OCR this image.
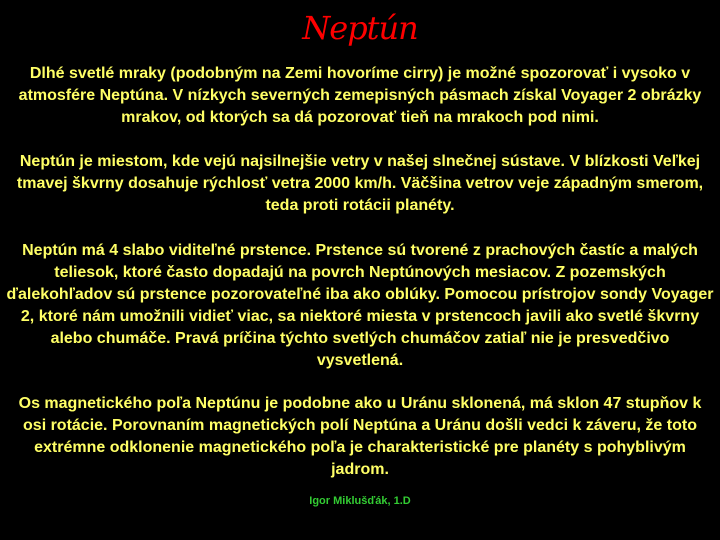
Neptún

Dlhé svetlé mraky (podobným na Zemi hovoríme cirry) je možné spozorovať i vysoko v atmosfére Neptúna. V nízkych severných zemepisných pásmach získal Voyager 2 obrázky mrakov, od ktorých sa dá pozorovať tieň na mrakoch pod nimi.

Neptún je miestom, kde vejú najsilnejšie vetry v našej slnečnej sústave. V blízkosti Veľkej tmavej škvrny dosahuje rýchlosť vetra 2000 km/h. Väčšina vetrov veje západným smerom, teda proti rotácii planéty.

Neptún má 4 slabo viditeľné prstence. Prstence sú tvorené z prachových častíc a malých teliesok, ktoré často dopadajú na povrch Neptúnových mesiacov. Z pozemských ďalekohľadov sú prstence pozorovateľné iba ako oblúky. Pomocou prístrojov sondy Voyager 2, ktoré nám umožnili vidieť viac, sa niektoré miesta v prstencoch javili ako svetlé škvrny alebo chumáče. Pravá príčina týchto svetlých chumáčov zatiaľ nie je presvedčivo vysvetlená.

Os magnetického poľa Neptúnu je podobne ako u Uránu sklonená, má sklon 47 stupňov k osi rotácie. Porovnaním magnetických polí Neptúna a Uránu došli vedci k záveru, že toto extrémne odklonenie magnetického poľa je charakteristické pre planéty s pohyblivým jadrom.

Igor Miklušďák, 1.D
